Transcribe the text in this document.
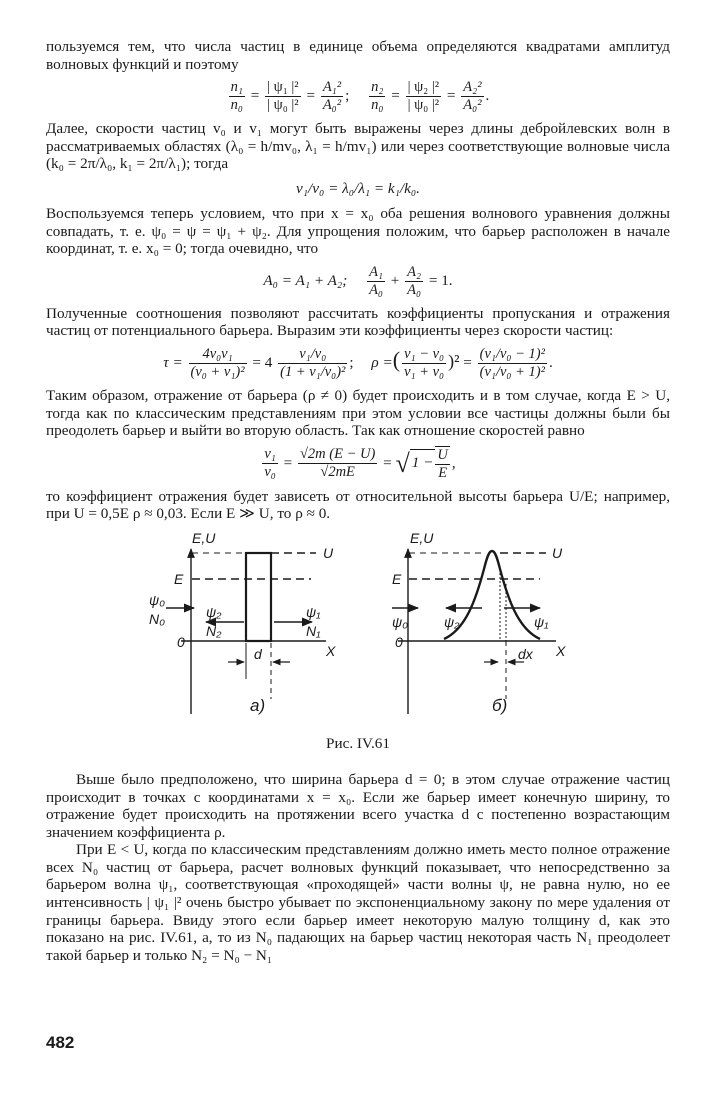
пользуемся тем, что числа частиц в единице объема определяются квадратами амплитуд волновых функций и поэтому

$\frac{\text{n₁}}{\text{n₀}} = \frac{\text{| ψ₁ |²}}{\text{| ψ₀ |²}} = \frac{\text{A₁²}}{\text{A₀²}}$ ; $\frac{\text{n₂}}{\text{n₀}} = \frac{\text{| ψ₂ |²}}{\text{| ψ₀ |²}} = \frac{\text{A₂²}}{\text{A₀²}}$ .

Далее, скорости частиц v₀ и v₁ могут быть выражены через длины дебройлевских волн в рассматриваемых областях (λ₀ = h/mv₀, λ₁ = h/mv₁) или через соответствующие волновые числа (k₀ = 2π/λ₀, k₁ = 2π/λ₁); тогда

v₁/v₀ = λ₀/λ₁ = k₁/k₀.

Воспользуемся теперь условием, что при x = x₀ оба решения волнового уравнения должны совпадать, т. е. ψ₀ = ψ = ψ₁ + ψ₂. Для упрощения положим, что барьер расположен в начале координат, т. е. x₀ = 0; тогда очевидно, что

A₀ = A₁ + A₂; $\frac{\text{A₁}}{\text{A₀}} + \frac{\text{A₂}}{\text{A₀}} = 1$.

Полученные соотношения позволяют рассчитать коэффициенты пропускания и отражения частиц от потенциального барьера. Выразим эти коэффициенты через скорости частиц:

$\tau = \frac{\text{4v₀v₁}}{\text{(v₀ + v₁)²}} = 4 \frac{\text{v₁/v₀}}{\text{(1 + v₁/v₀)²}}$ ; ρ =( $\frac{\text{v₁ − v₀}}{\text{v₁ + v₀}} )^2 = \frac{\text{(v₁/v₀ − 1)²}}{\text{(v₁/v₀ + 1)²}}$ .

Таким образом, отражение от барьера (ρ ≠ 0) будет происходить и в том случае, когда E > U, тогда как по классическим представлениям при этом условии все частицы должны были бы преодолеть барьер и выйти во вторую область. Так как отношение скоростей равно

$\frac{\text{v₁}}{\text{v₀}} = \frac{√2m (E - U)}{√2mE}$ = √ $1 - \frac{U}{E}$ ,

то коэффициент отражения будет зависеть от относительной высоты барьера U/E; например, при U = 0,5E ρ ≈ 0,03. Если E ≫ U, то ρ ≈ 0.

E,U
U
E
ψ₀
N₀	ψ₂
N₂
ψ₁
N₁
0
X
d
а)
E,U
U
E
ψ₀	ψ₂	ψ₁
0
X
dx
б)
Рис. IV.61

Выше было предположено, что ширина барьера d = 0; в этом случае отражение частиц происходит в точках с координатами x = x₀. Если же барьер имеет конечную ширину, то отражение будет происходить на протяжении всего участка d с постепенно возрастающим значением коэффициента ρ.

При E < U, когда по классическим представлениям должно иметь место полное отражение всех N₀ частиц от барьера, расчет волновых функций показывает, что непосредственно за барьером волна ψ₁, соответствующая «проходящей» части волны ψ, не равна нулю, но ее интенсивность | ψ₁ |² очень быстро убывает по экспоненциальному закону по мере удаления от границы барьера. Ввиду этого если барьер имеет некоторую малую толщину d, как это показано на рис. IV.61, а, то из N₀ падающих на барьер частиц некоторая часть N₁ преодолеет такой барьер и только N₂ = N₀ − N₁

482
